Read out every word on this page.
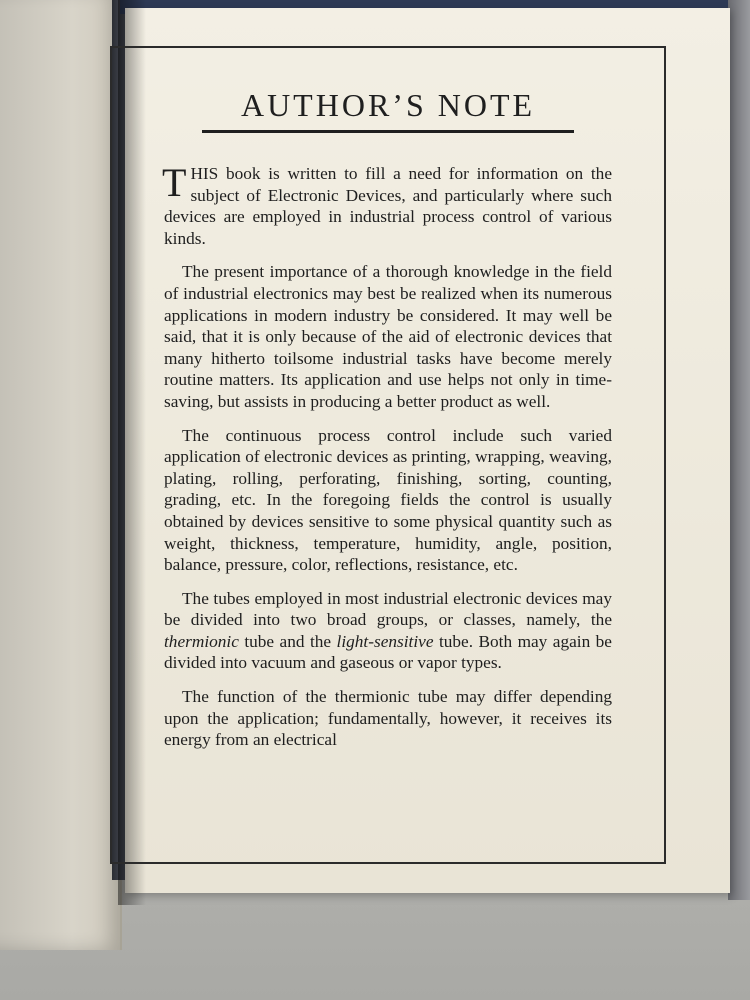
AUTHOR’S NOTE

THIS book is written to fill a need for information on the subject of Electronic Devices, and particularly where such devices are employed in industrial process control of various kinds.

The present importance of a thorough knowledge in the field of industrial electronics may best be realized when its numerous applications in modern industry be considered. It may well be said, that it is only because of the aid of electronic devices that many hitherto toilsome industrial tasks have become merely routine matters. Its application and use helps not only in time-saving, but assists in producing a better product as well.

The continuous process control include such varied application of electronic devices as printing, wrapping, weaving, plating, rolling, perforating, finishing, sorting, counting, grading, etc. In the foregoing fields the control is usually obtained by devices sensitive to some physical quantity such as weight, thickness, temperature, humidity, angle, position, balance, pressure, color, reflections, resistance, etc.

The tubes employed in most industrial electronic devices may be divided into two broad groups, or classes, namely, the thermionic tube and the light-sensitive tube. Both may again be divided into vacuum and gaseous or vapor types.

The function of the thermionic tube may differ depending upon the application; fundamentally, however, it receives its energy from an electrical
